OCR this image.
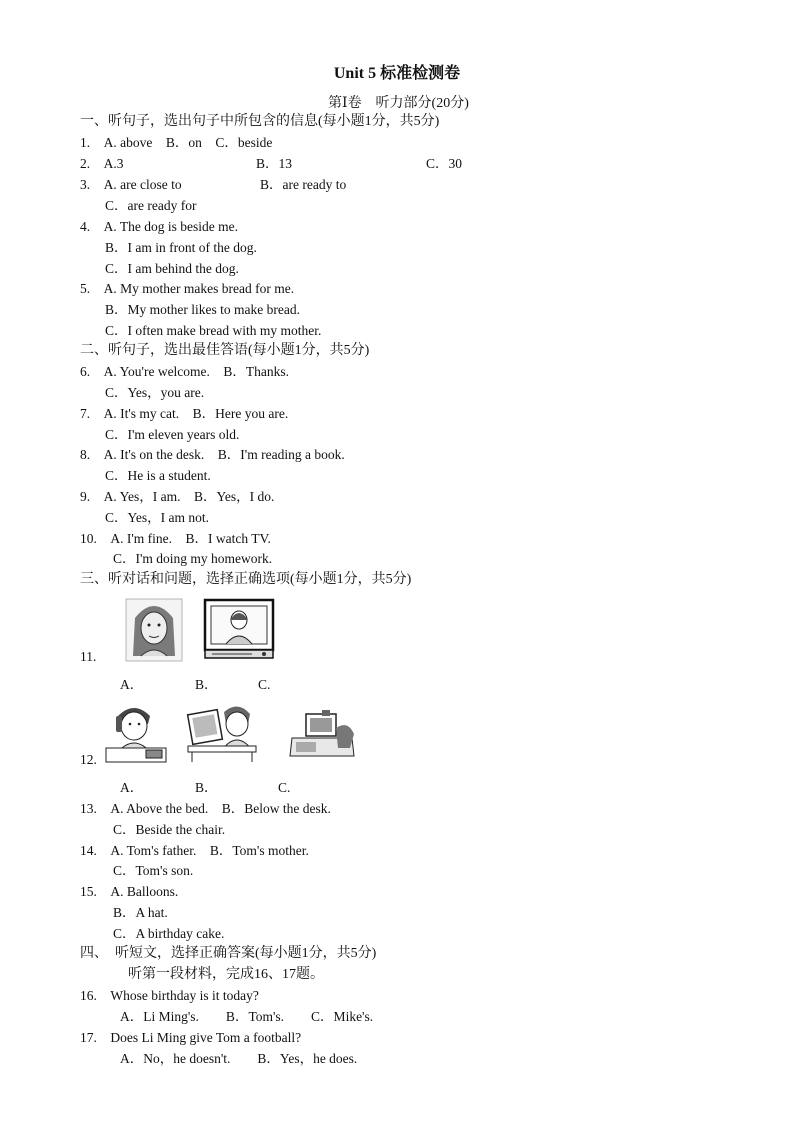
Unit 5 标准检测卷
第Ⅰ卷　听力部分(20分)
一、听句子，选出句子中所包含的信息(每小题1分，共5分)
1.　A. above　B．on　C．beside
2.　A.3	B．13	C．30
3.　A. are close to	B．are ready to
C．are ready for
4.　A. The dog is beside me.
B．I am in front of the dog.
C．I am behind the dog.
5.　A. My mother makes bread for me.
B．My mother likes to make bread.
C．I often make bread with my mother.
二、听句子，选出最佳答语(每小题1分，共5分)
6.　A. You're welcome.　B．Thanks.
C．Yes，you are.
7.　A. It's my cat.　B．Here you are.
C．I'm eleven years old.
8.　A. It's on the desk.　B．I'm reading a book.
C．He is a student.
9.　A. Yes，I am.　B．Yes，I do.
C．Yes，I am not.
10.　A. I'm fine.　B．I watch TV.
C．I'm doing my homework.
三、听对话和问题，选择正确选项(每小题1分，共5分)
11.
A．	B．	C.
12.
A．	B．	C.
13.　A. Above the bed.　B．Below the desk.
C．Beside the chair.
14.　A. Tom's father.　B．Tom's mother.
C．Tom's son.
15.　A. Balloons.
B．A hat.
C．A birthday cake.
四、　听短文，选择正确答案(每小题1分，共5分)
听第一段材料，完成16、17题。
16.　Whose birthday is it today?
A．Li Ming's.　　B．Tom's.　　C．Mike's.
17.　Does Li Ming give Tom a football?
A．No，he doesn't.　　B．Yes，he does.
